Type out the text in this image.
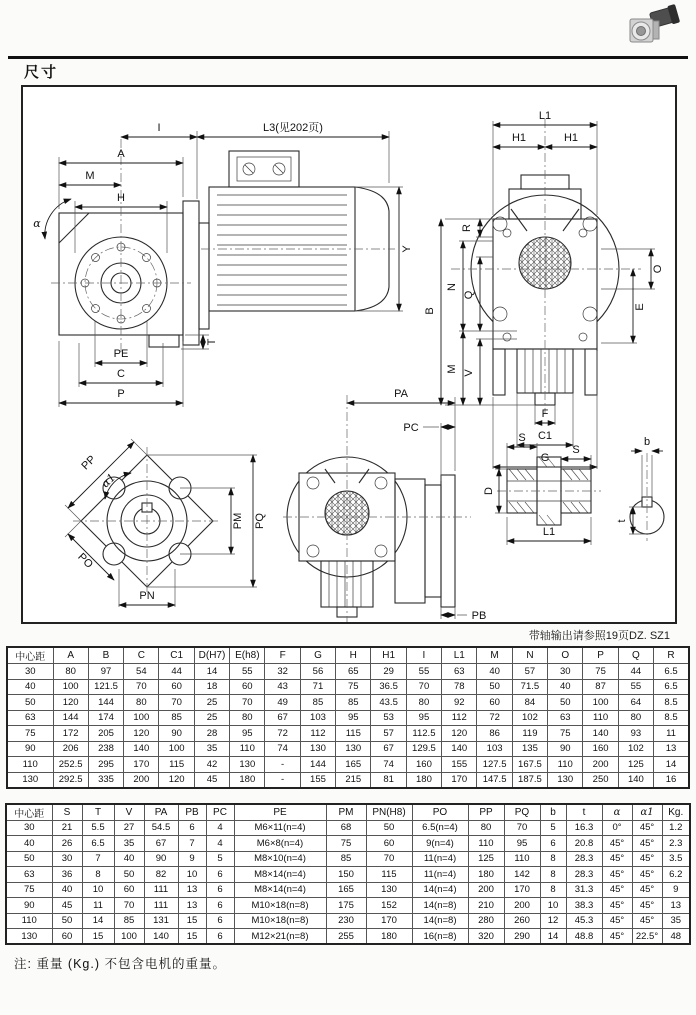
尺寸
I	L3(见202页)
A
M
H
α
Y
T
PE
C
P
L1
H1	H1
B
N
Q
M V
R
O
E
F
C1
G
PP
α1
PO
PN
PM PQ
PA
PC
PB
S
S
D
L1
b
t
带轴输出请参照19页DZ. SZ1
中心距	A	B	C	C1	D(H7)	E(h8)	F	G	H	H1	I	L1	M	N	O	P	Q	R
30	80	97	54	44	14	55	32	56	65	29	55	63	40	57	30	75	44	6.5
40	100	121.5	70	60	18	60	43	71	75	36.5	70	78	50	71.5	40	87	55	6.5
50	120	144	80	70	25	70	49	85	85	43.5	80	92	60	84	50	100	64	8.5
63	144	174	100	85	25	80	67	103	95	53	95	112	72	102	63	110	80	8.5
75	172	205	120	90	28	95	72	112	115	57	112.5	120	86	119	75	140	93	11
90	206	238	140	100	35	110	74	130	130	67	129.5	140	103	135	90	160	102	13
110	252.5	295	170	115	42	130	-	144	165	74	160	155	127.5	167.5	110	200	125	14
130	292.5	335	200	120	45	180	-	155	215	81	180	170	147.5	187.5	130	250	140	16
中心距	S	T	V	PA	PB	PC	PE	PM	PN(H8)	PO	PP	PQ	b	t	α	α1	Kg.
30	21	5.5	27	54.5	6	4	M6×11(n=4)	68	50	6.5(n=4)	80	70	5	16.3	0°	45°	1.2
40	26	6.5	35	67	7	4	M6×8(n=4)	75	60	9(n=4)	110	95	6	20.8	45°	45°	2.3
50	30	7	40	90	9	5	M8×10(n=4)	85	70	11(n=4)	125	110	8	28.3	45°	45°	3.5
63	36	8	50	82	10	6	M8×14(n=4)	150	115	11(n=4)	180	142	8	28.3	45°	45°	6.2
75	40	10	60	111	13	6	M8×14(n=4)	165	130	14(n=4)	200	170	8	31.3	45°	45°	9
90	45	11	70	111	13	6	M10×18(n=8)	175	152	14(n=8)	210	200	10	38.3	45°	45°	13
110	50	14	85	131	15	6	M10×18(n=8)	230	170	14(n=8)	280	260	12	45.3	45°	45°	35
130	60	15	100	140	15	6	M12×21(n=8)	255	180	16(n=8)	320	290	14	48.8	45°	22.5°	48
注: 重量 (Kg.) 不包含电机的重量。
